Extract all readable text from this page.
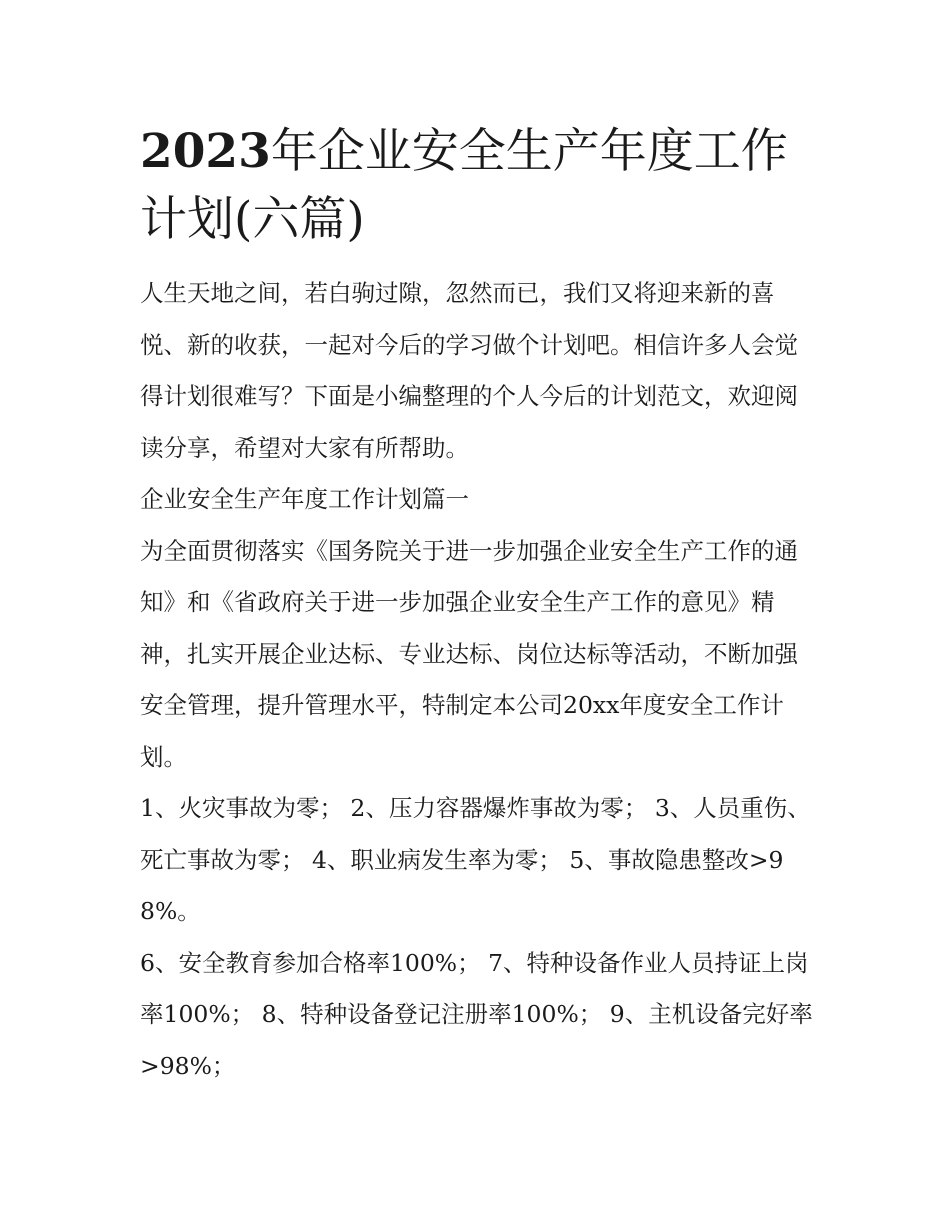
2023年企业安全生产年度工作计划(六篇)

人生天地之间，若白驹过隙，忽然而已，我们又将迎来新的喜悦、新的收获，一起对今后的学习做个计划吧。相信许多人会觉得计划很难写？下面是小编整理的个人今后的计划范文，欢迎阅读分享，希望对大家有所帮助。

企业安全生产年度工作计划篇一

为全面贯彻落实《国务院关于进一步加强企业安全生产工作的通知》和《省政府关于进一步加强企业安全生产工作的意见》精神，扎实开展企业达标、专业达标、岗位达标等活动，不断加强安全管理，提升管理水平，特制定本公司20xx年度安全工作计划。

1、火灾事故为零； 2、压力容器爆炸事故为零； 3、人员重伤、死亡事故为零； 4、职业病发生率为零； 5、事故隐患整改>98%。

6、安全教育参加合格率100%； 7、特种设备作业人员持证上岗率100%； 8、特种设备登记注册率100%； 9、主机设备完好率>98%；
